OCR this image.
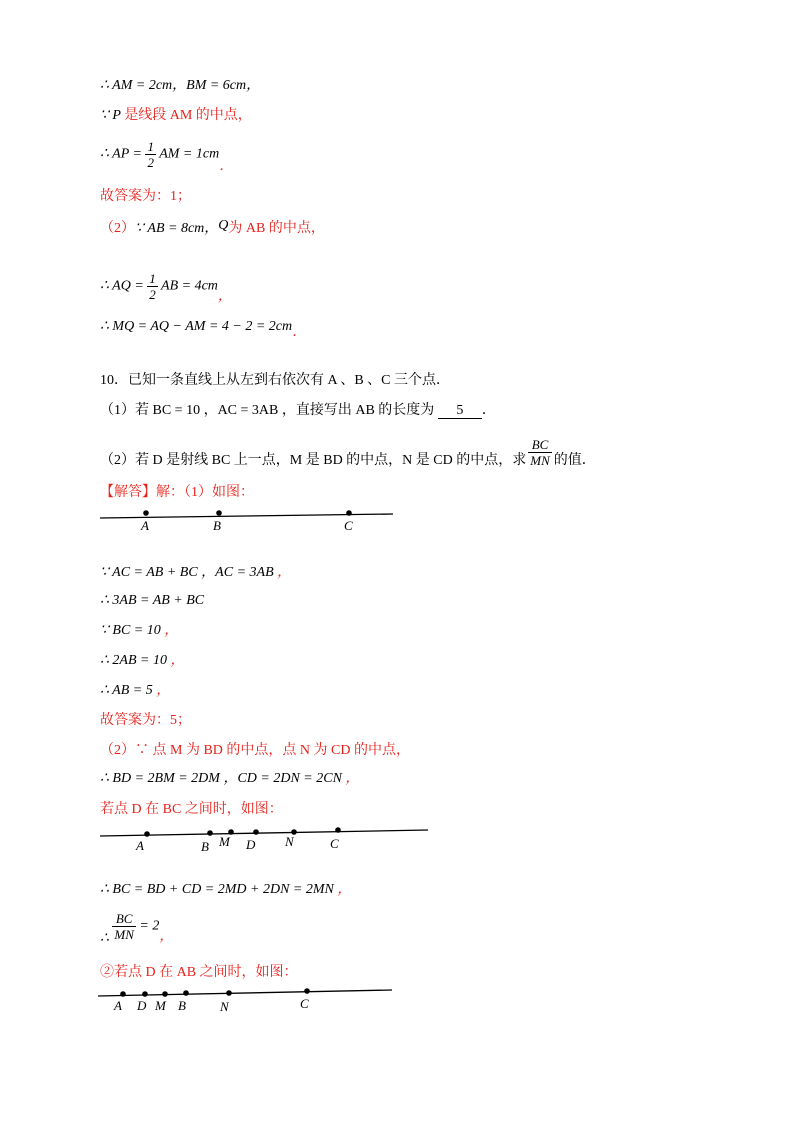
∴ AM = 2cm，BM = 6cm，
∵ P 是线段 AM 的中点，
∴ AP = $\frac{1}{2}$ AM = 1cm．
故答案为：1；
（2）∵ AB = 8cm，Q为 AB 的中点，
∴ AQ = $\frac{1}{2}$ AB = 4cm，
∴ MQ = AQ − AM = 4 − 2 = 2cm．
10．已知一条直线上从左到右依次有 A 、B 、C 三个点．
（1）若 BC = 10 ，AC = 3AB ，直接写出 AB 的长度为 5 ．
（2）若 D 是射线 BC 上一点，M 是 BD 的中点，N 是 CD 的中点，求 $\frac{BC}{MN}$ 的值．
【解答】解：（1）如图：
A	B	C
∵ AC = AB + BC ，AC = 3AB ，
∴ 3AB = AB + BC
∵ BC = 10 ，
∴ 2AB = 10 ，
∴ AB = 5 ，
故答案为：5；
（2）∵ 点 M 为 BD 的中点，点 N 为 CD 的中点，
∴ BD = 2BM = 2DM ，CD = 2DN = 2CN ，
若点 D 在 BC 之间时，如图：
A	B M D N	C
∴ BC = BD + CD = 2MD + 2DN = 2MN ，
∴ $\frac{BC}{MN} = 2$，
②若点 D 在 AB 之间时，如图：
A D M B	N	C
